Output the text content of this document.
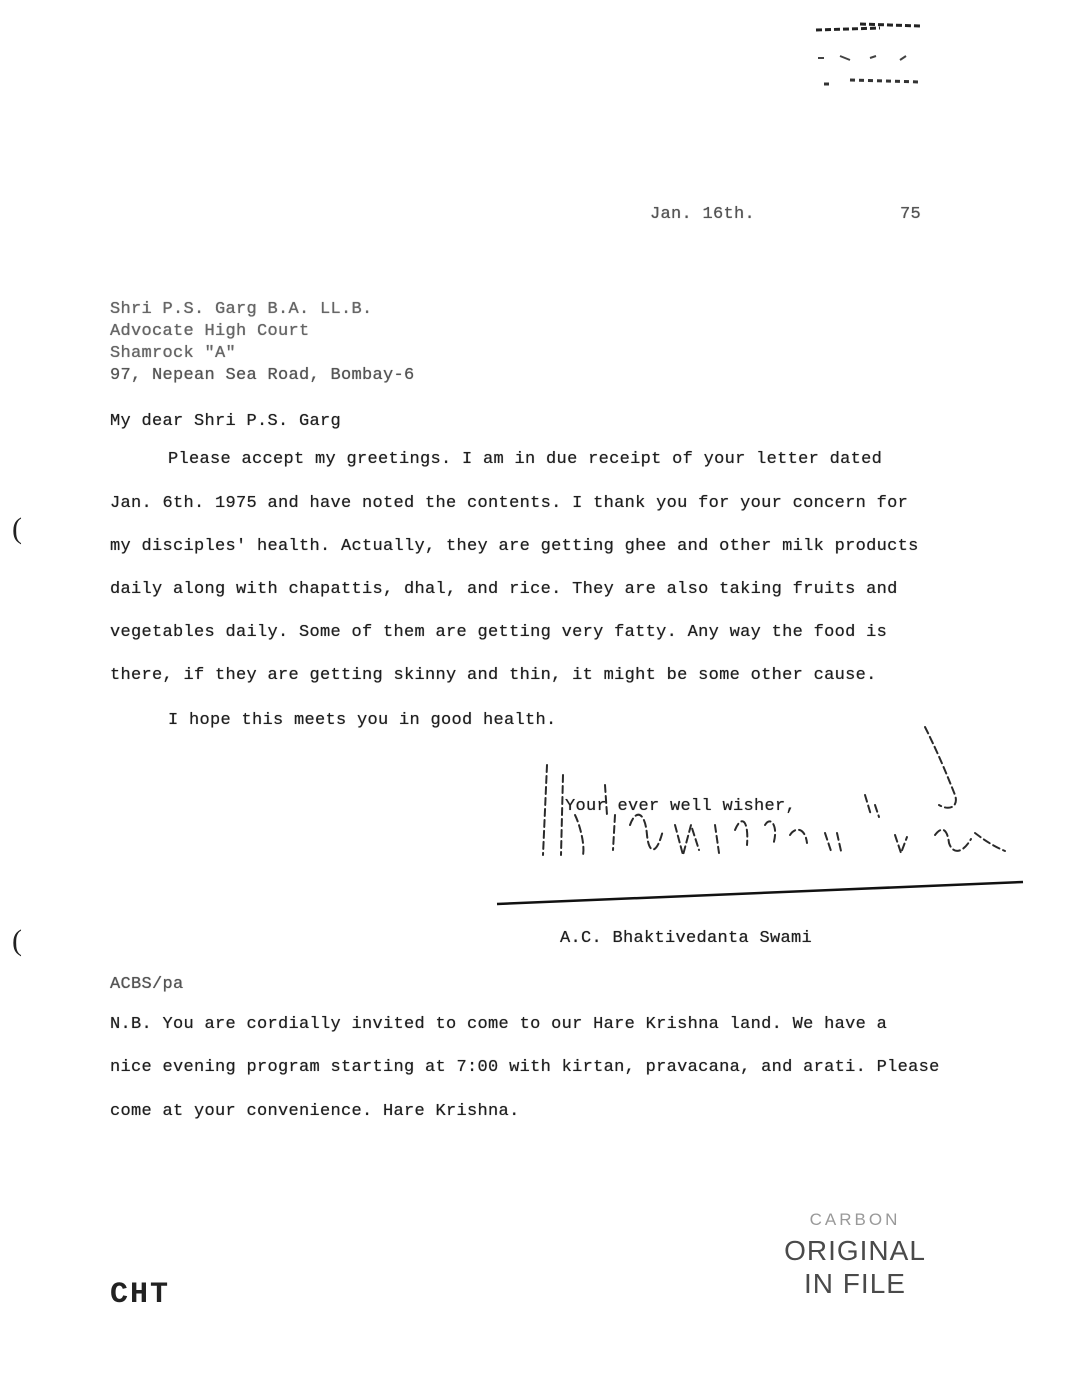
Jan. 16th.	75
Shri P.S. Garg B.A. LL.B.
Advocate High Court
Shamrock "A"
97, Nepean Sea Road, Bombay-6
My dear Shri P.S. Garg
Please accept my greetings. I am in due receipt of your letter dated
Jan. 6th. 1975 and have noted the contents. I thank you for your concern for
my disciples' health. Actually, they are getting ghee and other milk products
daily along with chapattis, dhal, and rice. They are also taking fruits and
vegetables daily. Some of them are getting very fatty. Any way the food is
there, if they are getting skinny and thin, it might be some other cause.
I hope this meets you in good health.
(
(
Your ever well wisher,
A.C. Bhaktivedanta Swami
ACBS/pa
N.B. You are cordially invited to come to our Hare Krishna land. We have a
nice evening program starting at 7:00 with kirtan, pravacana, and arati. Please
come at your convenience. Hare Krishna.
CARBON
ORIGINAL
IN FILE
CHT
